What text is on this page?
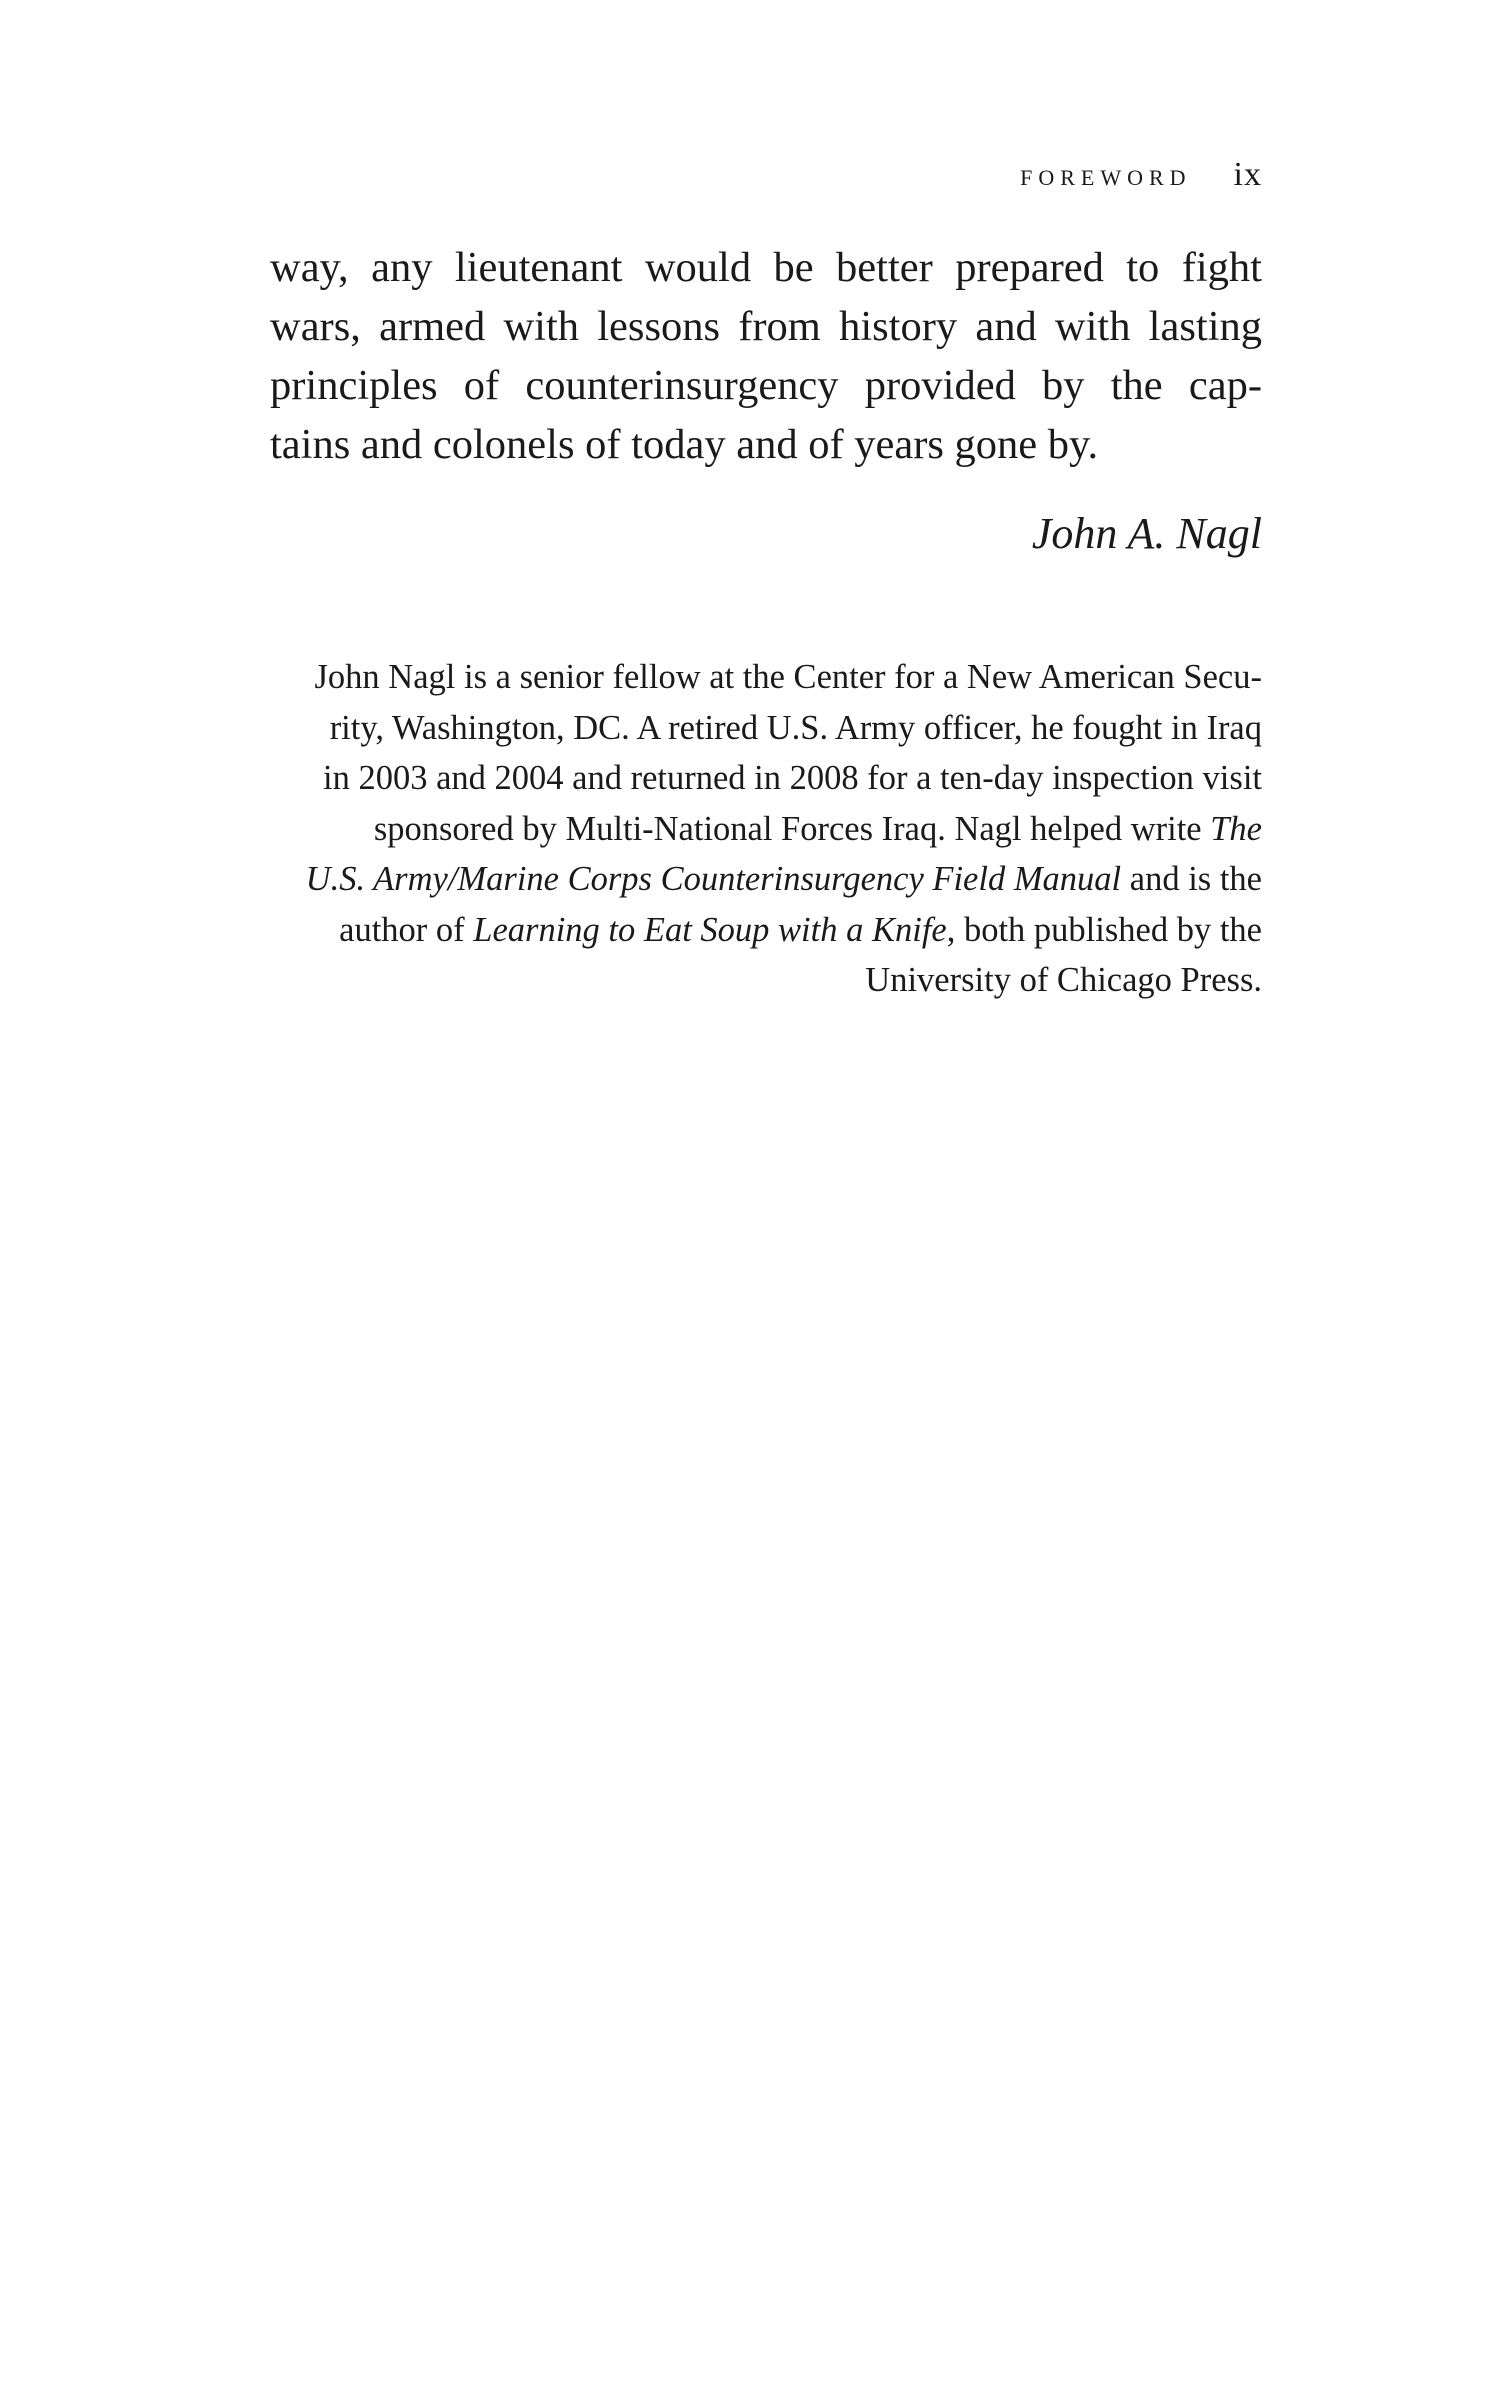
FOREWORD ix
way, any lieutenant would be better prepared to fight
wars, armed with lessons from history and with lasting
principles of counterinsurgency provided by the cap-
tains and colonels of today and of years gone by.
John A. Nagl
John Nagl is a senior fellow at the Center for a New American Secu-
rity, Washington, DC. A retired U.S. Army officer, he fought in Iraq
in 2003 and 2004 and returned in 2008 for a ten-day inspection visit
sponsored by Multi-National Forces Iraq. Nagl helped write The
U.S. Army/Marine Corps Counterinsurgency Field Manual and is the
author of Learning to Eat Soup with a Knife, both published by the
University of Chicago Press.
